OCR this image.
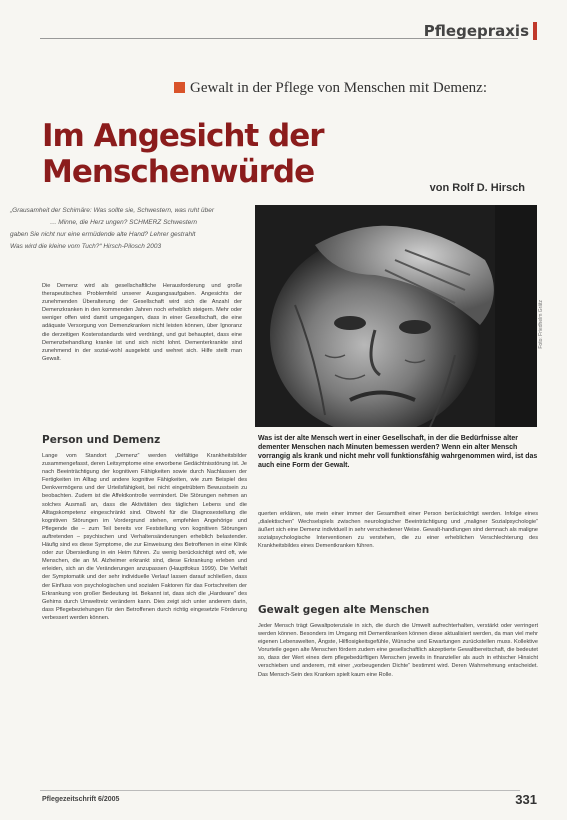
Pflegepraxis
Gewalt in der Pflege von Menschen mit Demenz:
Im Angesicht der Menschenwürde	von Rolf D. Hirsch
„Grausamheit der Schimäre: Was sollte sie, Schwestern, was ruht über
… Minne, die Herz ungen? SCHMERZ Schwestern
gaben Sie nicht nur eine ermüdende alte Hand? Lehrer gestrahlt
Was wird die kleine vom Tuch?“ Hirsch-Pilosch 2003
Foto: Friedhelm Grätz
Was ist der alte Mensch wert in einer Gesellschaft, in der die Bedürfnisse alter dementer Menschen nach Minuten bemessen werden? Wenn ein alter Mensch vorrangig als krank und nicht mehr voll funktionsfähig wahrgenommen wird, ist das auch eine Form der Gewalt.
Die Demenz wird als gesellschaftliche Herausforderung und große therapeutisches Problemfeld unserer Ausgangsaufgaben. Angesichts der zunehmenden Überalterung der Gesellschaft wird sich die Anzahl der Demenzkranken in den kommenden Jahren noch erheblich steigern. Mehr oder weniger offen wird damit umgegangen, dass in einer Gesellschaft, die eine adäquate Versorgung von Demenzkranken nicht leisten können, über Ignoranz die derzeitigen Kostenstandards wird verdrängt, und gut behauptet, dass eine Demenzbehandlung kranke ist und sich nicht lohnt. Dementerkrankte sind zunehmend in der sozial-wohl ausgelebt und wehret sich. Hilfe stellt man Gewalt.
Person und Demenz
Lange vom Standort „Demenz“ werden vielfältige Krankheitsbilder zusammengefasst, deren Leitsymptome eine erworbene Gedächtnisstörung ist. Je nach Beeinträchtigung der kognitiven Fähigkeiten sowie durch Nachlassen der Fertigkeiten im Alltag und andere kognitive Fähigkeiten, wie zum Beispiel des Denkvermögens und der Urteilsfähigkeit, bei nicht eingetrübtem Bewusstsein zu beobachten. Zudem ist die Affektkontrolle vermindert. Die Störungen nehmen an solches Ausmaß an, dass die Aktivitäten des täglichen Lebens und die Alltagskompetenz eingeschränkt sind. Obwohl für die Diagnosestellung die kognitiven Störungen im Vordergrund stehen, empfehlen Angehörige und Pflegende die – zum Teil bereits vor Feststellung von kognitiven Störungen auftretenden – psychischen und Verhaltensänderungen erheblich belastender. Häufig sind es diese Symptome, die zur Einweisung des Betroffenen in eine Klinik oder zur Übersiedlung in ein Heim führen. Zu wenig berücksichtigt wird oft, wie Menschen, die an M. Alzheimer erkrankt sind, diese Erkrankung erleben und erleiden, sich an die Veränderungen anzupassen (Hauptfokus 1999). Die Vielfalt der Symptomatik und der sehr individuelle Verlauf lassen darauf schließen, dass der Einfluss von psychologischen und sozialen Faktoren für das Fortschreiten der Erkrankung von großer Bedeutung ist. Bekannt ist, dass sich die „Hardware“ des Gehirns durch Umweltreiz verändern kann. Dies zeigt sich unter anderem darin, dass Pflegebeziehungen für den Betroffenen durch richtig eingesetzte Förderung verbessert werden können.
querten erklären, wie mein einer immer der Gesamtheit einer Person berücksichtigt werden. Infolge eines „dialektischen“ Wechselspiels zwischen neurologischer Beeinträchtigung und „maligner Sozialpsychologie“ äußert sich eine Demenz individuell in sehr verschiedener Weise. Gewalt-handlungen sind demnach als maligne sozialpsychologische Interventionen zu verstehen, die zu einer erheblichen Verschlechterung des Krankheitsbildes eines Dementkranken führen.
Gewalt gegen alte Menschen
Jeder Mensch trägt Gewaltpotenziale in sich, die durch die Umwelt aufrechterhalten, verstärkt oder verringert werden können. Besonders im Umgang mit Dementkranken können diese aktualisiert werden, da man viel mehr eigenen Lebenswelten, Ängste, Hilflosigkeitsgefühle, Wünsche und Erwartungen zurückstellen muss. Kollektive Vorurteile gegen alte Menschen fördern zudem eine gesellschaftlich akzeptierte Gewaltbereitschaft, die bedeutet so, dass der Wert eines dem pflegebedürftigen Menschen jeweils in finanzieller als auch in ethischer Hinsicht verschieben und anderem, mit einer „vorbeugenden Dichte“ bestimmt wird. Deren Wahrnehmung entscheidet. Das Mensch-Sein des Kranken spielt kaum eine Rolle.
Pflegezeitschrift 6/2005	331
